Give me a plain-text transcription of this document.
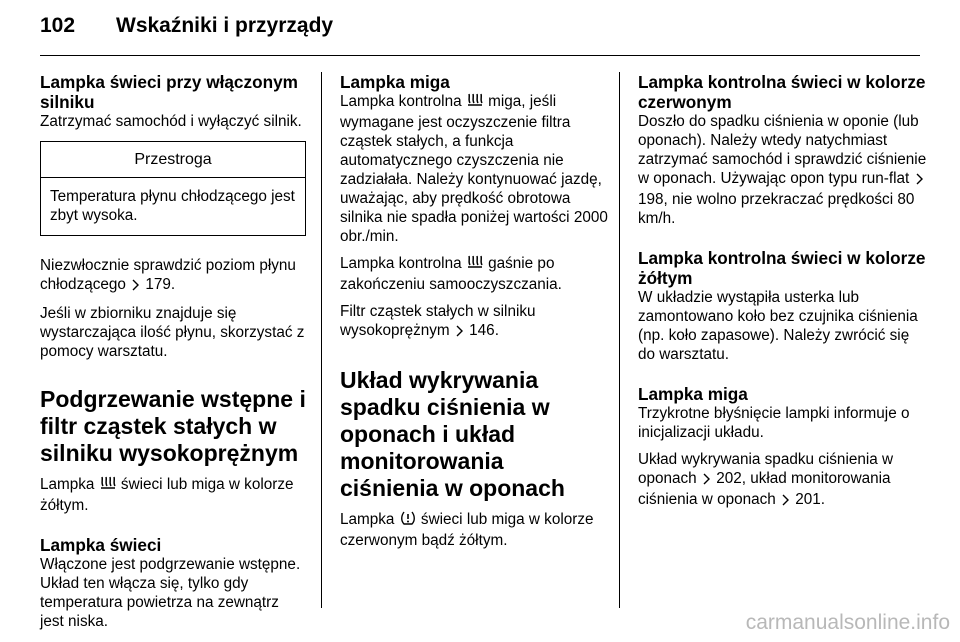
102 Wskaźniki i przyrządy
Lampka świeci przy włączonym silniku

Zatrzymać samochód i wyłączyć silnik.

Przestroga
Temperatura płynu chłodzącego jest zbyt wysoka.

Niezwłocznie sprawdzić poziom płynu chłodzącego  179.

Jeśli w zbiorniku znajduje się wystarczająca ilość płynu, skorzystać z pomocy warsztatu.

Podgrzewanie wstępne i filtr cząstek stałych w silniku wysokoprężnym

Lampka  świeci lub miga w kolorze żółtym.

Lampka świeci

Włączone jest podgrzewanie wstępne. Układ ten włącza się, tylko gdy temperatura powietrza na zewnątrz jest niska.

Lampka miga

Lampka kontrolna  miga, jeśli wymagane jest oczyszczenie filtra cząstek stałych, a funkcja automatycznego czyszczenia nie zadziałała. Należy kontynuować jazdę, uważając, aby prędkość obrotowa silnika nie spadła poniżej wartości 2000 obr./min.

Lampka kontrolna  gaśnie po zakończeniu samooczyszczania.

Filtr cząstek stałych w silniku wysokoprężnym  146.

Układ wykrywania spadku ciśnienia w oponach i układ monitorowania ciśnienia w oponach

Lampka  świeci lub miga w kolorze czerwonym bądź żółtym.

Lampka kontrolna świeci w kolorze czerwonym

Doszło do spadku ciśnienia w oponie (lub oponach). Należy wtedy natychmiast zatrzymać samochód i sprawdzić ciśnienie w oponach. Używając opon typu run-flat  198, nie wolno przekraczać prędkości 80 km/h.

Lampka kontrolna świeci w kolorze żółtym

W układzie wystąpiła usterka lub zamontowano koło bez czujnika ciśnienia (np. koło zapasowe). Należy zwrócić się do warsztatu.

Lampka miga

Trzykrotne błyśnięcie lampki informuje o inicjalizacji układu.

Układ wykrywania spadku ciśnienia w oponach  202, układ monitorowania ciśnienia w oponach  201.

carmanualsonline.info
